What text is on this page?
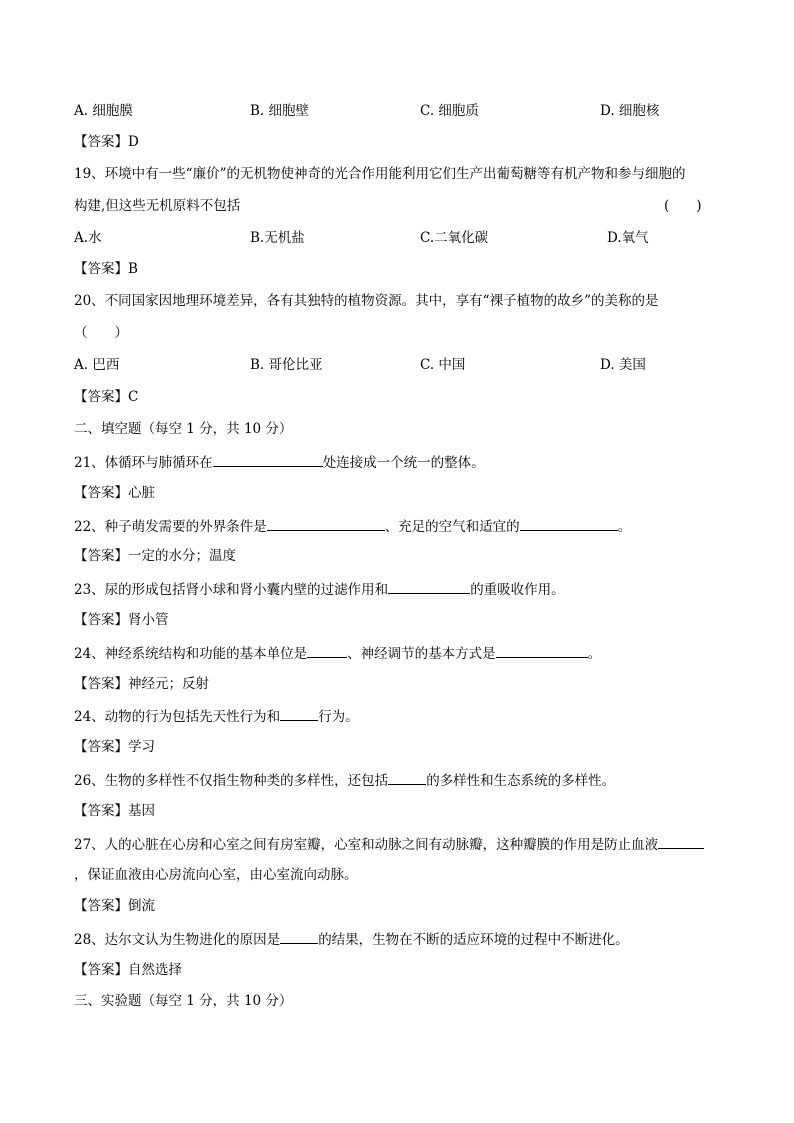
A. 细胞膜	B. 细胞壁	C. 细胞质	D. 细胞核
【答案】D
19、环境中有一些“廉价”的无机物使神奇的光合作用能利用它们生产出葡萄糖等有机产物和参与细胞的
构建,但这些无机原料不包括	(　　)
A.水	B.无机盐	C.二氧化碳	D.氧气
【答案】B
20、不同国家因地理环境差异，各有其独特的植物资源。其中，享有“裸子植物的故乡”的美称的是
（　　）
A. 巴西	B. 哥伦比亚	C. 中国	D. 美国
【答案】C
二、填空题（每空 1 分，共 10 分）
21、体循环与肺循环在	处连接成一个统一的整体。
【答案】心脏
22、种子萌发需要的外界条件是	、充足的空气和适宜的	。
【答案】一定的水分；温度
23、尿的形成包括肾小球和肾小囊内壁的过滤作用和	的重吸收作用。
【答案】肾小管
24、神经系统结构和功能的基本单位是	、神经调节的基本方式是	。
【答案】神经元；反射
24、动物的行为包括先天性行为和	行为。
【答案】学习
26、生物的多样性不仅指生物种类的多样性，还包括	的多样性和生态系统的多样性。
【答案】基因
27、人的心脏在心房和心室之间有房室瓣，心室和动脉之间有动脉瓣，这种瓣膜的作用是防止血液
，保证血液由心房流向心室，由心室流向动脉。
【答案】倒流
28、达尔文认为生物进化的原因是	的结果，生物在不断的适应环境的过程中不断进化。
【答案】自然选择
三、实验题（每空 1 分，共 10 分）
